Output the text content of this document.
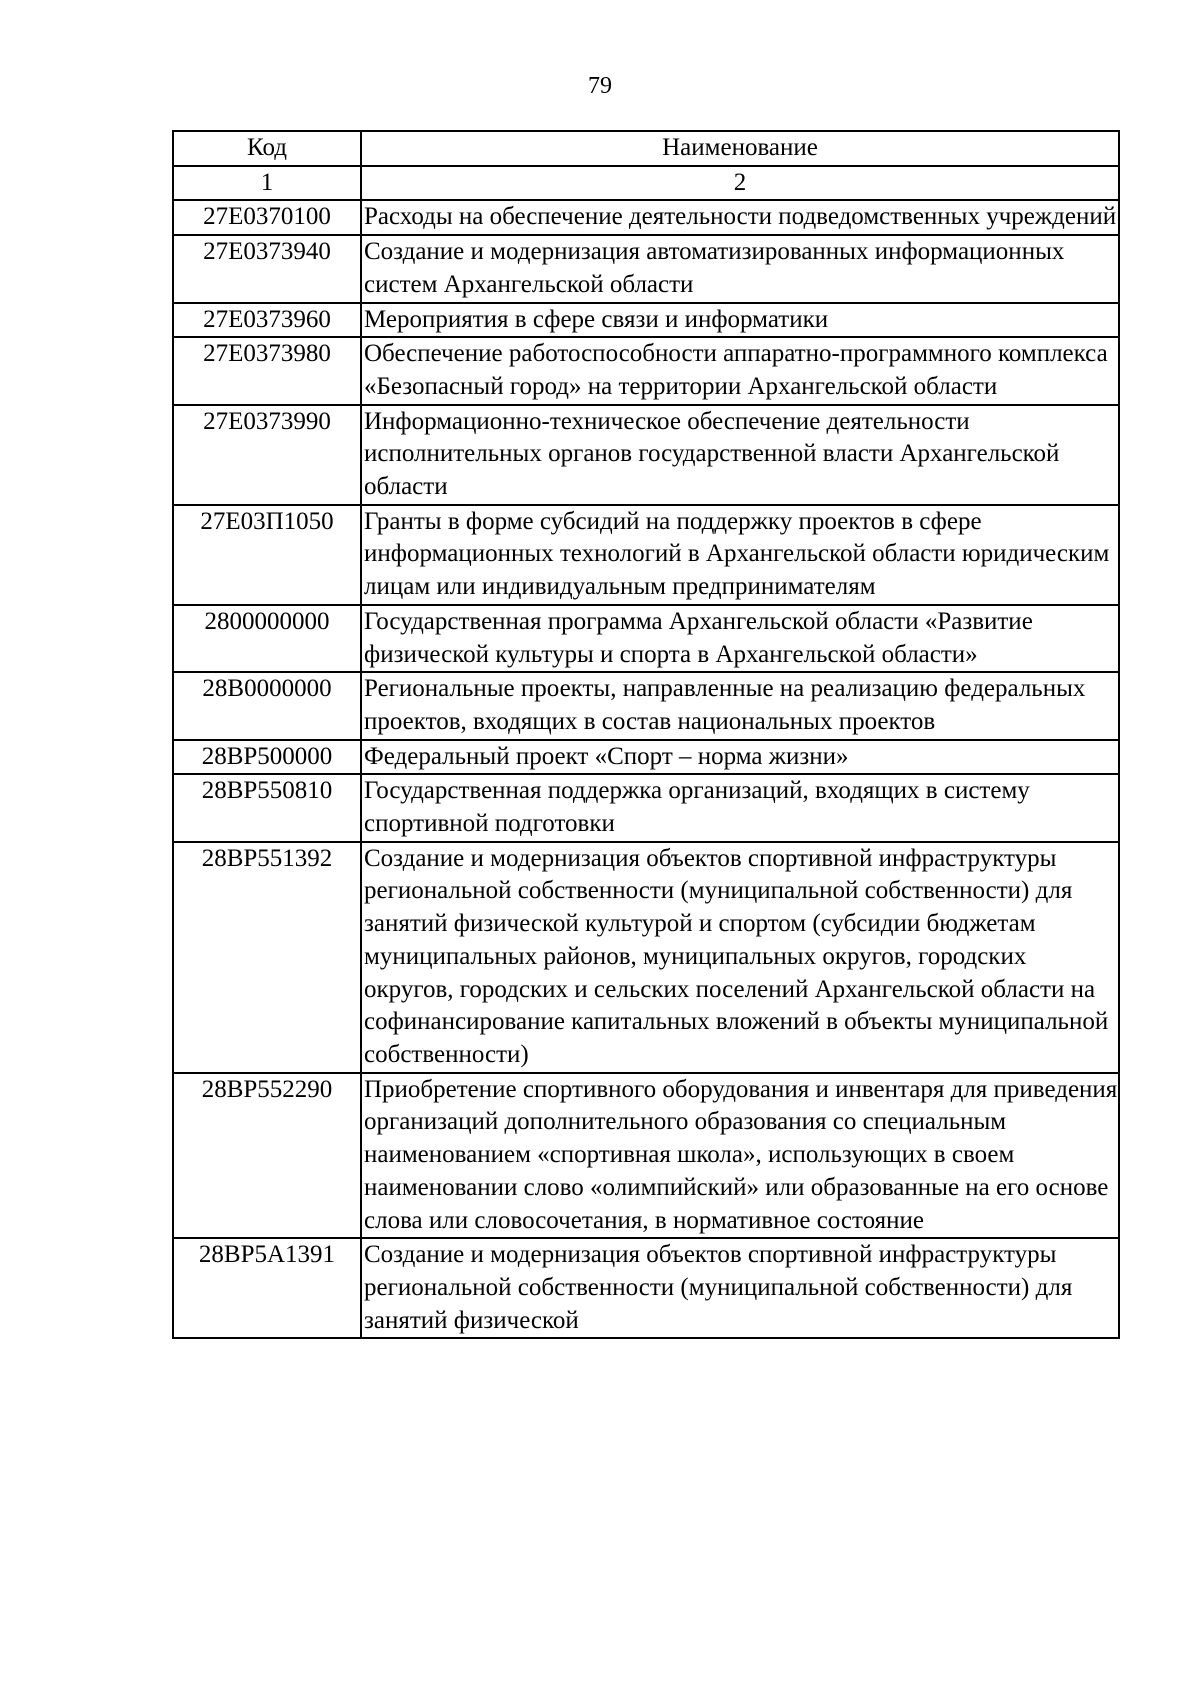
79
Код	Наименование
1	2
27Е0370100	Расходы на обеспечение деятельности подведомственных учреждений
27Е0373940	Создание и модернизация автоматизированных информационных систем Архангельской области
27Е0373960	Мероприятия в сфере связи и информатики
27Е0373980	Обеспечение работоспособности аппаратно-программного комплекса «Безопасный город» на территории Архангельской области
27Е0373990	Информационно-техническое обеспечение деятельности исполнительных органов государственной власти Архангельской области
27Е03П1050	Гранты в форме субсидий на поддержку проектов в сфере информационных технологий в Архангельской области юридическим лицам или индивидуальным предпринимателям
2800000000	Государственная программа Архангельской области «Развитие физической культуры и спорта в Архангельской области»
28В0000000	Региональные проекты, направленные на реализацию федеральных проектов, входящих в состав национальных проектов
28ВР500000	Федеральный проект «Спорт – норма жизни»
28ВР550810	Государственная поддержка организаций, входящих в систему спортивной подготовки
28ВР551392	Создание и модернизация объектов спортивной инфраструктуры региональной собственности (муниципальной собственности) для занятий физической культурой и спортом (субсидии бюджетам муниципальных районов, муниципальных округов, городских округов, городских и сельских поселений Архангельской области на софинансирование капитальных вложений в объекты муниципальной собственности)
28ВР552290	Приобретение спортивного оборудования и инвентаря для приведения организаций дополнительного образования со специальным наименованием «спортивная школа», использующих в своем наименовании слово «олимпийский» или образованные на его основе слова или словосочетания, в нормативное состояние
28ВР5А1391	Создание и модернизация объектов спортивной инфраструктуры региональной собственности (муниципальной собственности) для занятий физической
